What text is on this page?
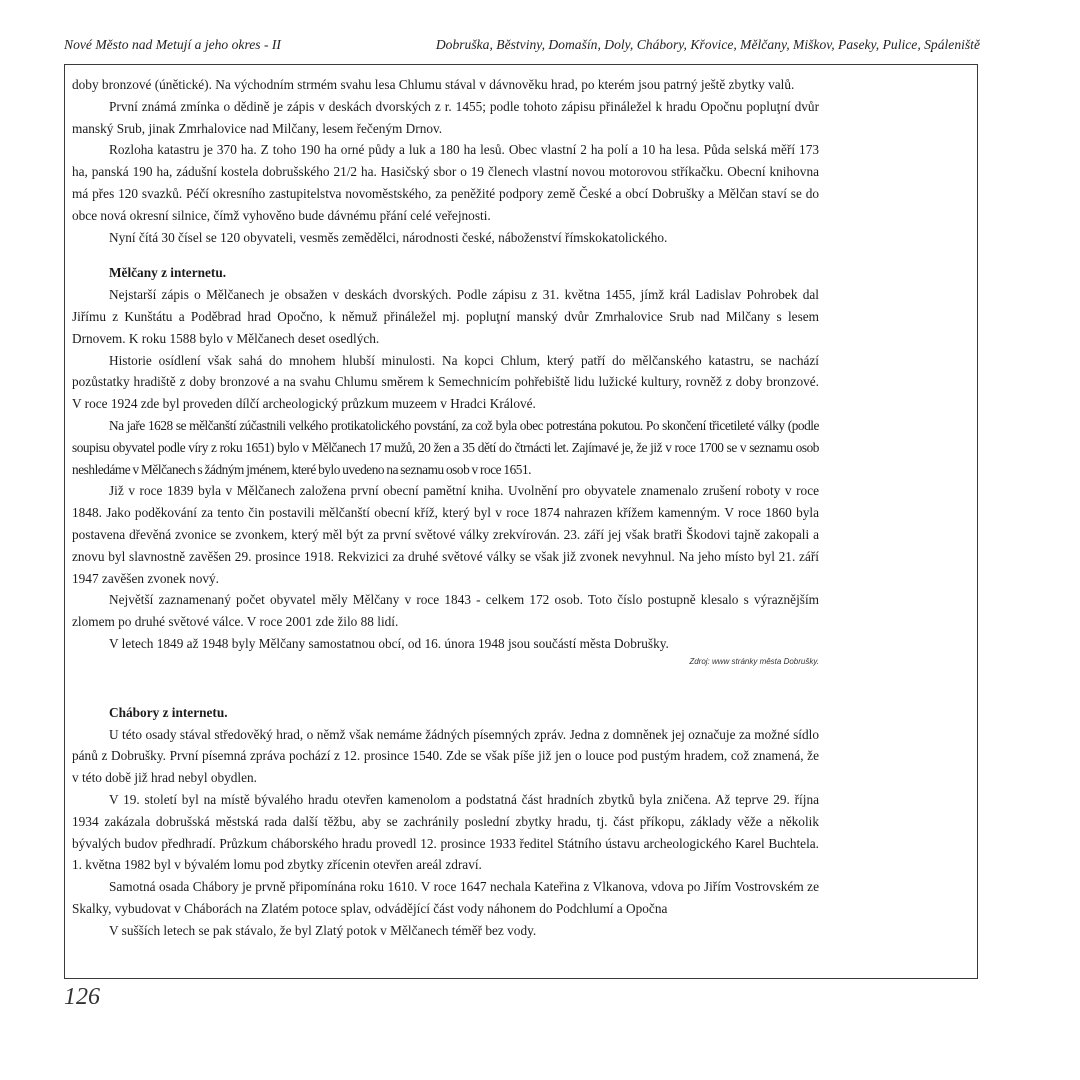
Nové Město nad Metují a jeho okres - II	Dobruška, Běstviny, Domašín, Doly, Chábory, Křovice, Mělčany, Miškov, Paseky, Pulice, Spáleniště

doby bronzové (únětické). Na východním strmém svahu lesa Chlumu stával v dávnověku hrad, po kterém jsou patrný ještě zbytky valů.

První známá zmínka o dědině je zápis v deskách dvorských z r. 1455; podle tohoto zápisu přináležel k hradu Opočnu popluţní dvůr manský Srub, jinak Zmrhalovice nad Milčany, lesem řečeným Drnov.

Rozloha katastru je 370 ha. Z toho 190 ha orné půdy a luk a 180 ha lesů. Obec vlastní 2 ha polí a 10 ha lesa. Půda selská měří 173 ha, panská 190 ha, zádušní kostela dobrušského 21/2 ha. Hasičský sbor o 19 členech vlastní novou motorovou stříkačku. Obecní knihovna má přes 120 svazků. Péčí okresního zastupitelstva novoměstského, za peněžité podpory země České a obcí Dobrušky a Mělčan staví se do obce nová okresní silnice, čímž vyhověno bude dávnému přání celé veřejnosti.

Nyní čítá 30 čísel se 120 obyvateli, vesměs zemědělci, národnosti české, náboženství římskokatolického.

Mělčany z internetu.

Nejstarší zápis o Mělčanech je obsažen v deskách dvorských. Podle zápisu z 31. května 1455, jímž král Ladislav Pohrobek dal Jiřímu z Kunštátu a Poděbrad hrad Opočno, k němuž přináležel mj. popluţní manský dvůr Zmrhalovice Srub nad Milčany s lesem Drnovem. K roku 1588 bylo v Mělčanech deset osedlých.

Historie osídlení však sahá do mnohem hlubší minulosti. Na kopci Chlum, který patří do mělčanského katastru, se nachází pozůstatky hradiště z doby bronzové a na svahu Chlumu směrem k Semechnicím pohřebiště lidu lužické kultury, rovněž z doby bronzové. V roce 1924 zde byl proveden dílčí archeologický průzkum muzeem v Hradci Králové.

Na jaře 1628 se mělčanští zúčastnili velkého protikatolického povstání, za což byla obec potrestána pokutou. Po skončení třicetileté války (podle soupisu obyvatel podle víry z roku 1651) bylo v Mělčanech 17 mužů, 20 žen a 35 dětí do čtrnácti let. Zajímavé je, že již v roce 1700 se v seznamu osob neshledáme v Mělčanech s žádným jménem, které bylo uvedeno na seznamu osob v roce 1651.

Již v roce 1839 byla v Mělčanech založena první obecní pamětní kniha. Uvolnění pro obyvatele znamenalo zrušení roboty v roce 1848. Jako poděkování za tento čin postavili mělčanští obecní kříž, který byl v roce 1874 nahrazen křížem kamenným. V roce 1860 byla postavena dřevěná zvonice se zvonkem, který měl být za první světové války zrekvírován. 23. září jej však bratři Škodovi tajně zakopali a znovu byl slavnostně zavěšen 29. prosince 1918. Rekvizici za druhé světové války se však již zvonek nevyhnul. Na jeho místo byl 21. září 1947 zavěšen zvonek nový.

Největší zaznamenaný počet obyvatel měly Mělčany v roce 1843 - celkem 172 osob. Toto číslo postupně klesalo s výraznějším zlomem po druhé světové válce. V roce 2001 zde žilo 88 lidí.

V letech 1849 až 1948 byly Mělčany samostatnou obcí, od 16. února 1948 jsou součástí města Dobrušky.

Zdroj: www stránky města Dobrušky.

Chábory z internetu.

U této osady stával středověký hrad, o němž však nemáme žádných písemných zpráv. Jedna z domněnek jej označuje za možné sídlo pánů z Dobrušky. První písemná zpráva pochází z 12. prosince 1540. Zde se však píše již jen o louce pod pustým hradem, což znamená, že v této době již hrad nebyl obydlen.

V 19. století byl na místě bývalého hradu otevřen kamenolom a podstatná část hradních zbytků byla zničena. Až teprve 29. října 1934 zakázala dobrušská městská rada další těžbu, aby se zachránily poslední zbytky hradu, tj. část příkopu, základy věže a několik bývalých budov předhradí. Průzkum cháborského hradu provedl 12. prosince 1933 ředitel Státního ústavu archeologického Karel Buchtela. 1. května 1982 byl v bývalém lomu pod zbytky zřícenin otevřen areál zdraví.

Samotná osada Chábory je prvně připomínána roku 1610. V roce 1647 nechala Kateřina z Vlkanova, vdova po Jiřím Vostrovském ze Skalky, vybudovat v Cháborách na Zlatém potoce splav, odvádějící část vody náhonem do Podchlumí a Opočna

V sušších letech se pak stávalo, že byl Zlatý potok v Mělčanech téměř bez vody.

126
